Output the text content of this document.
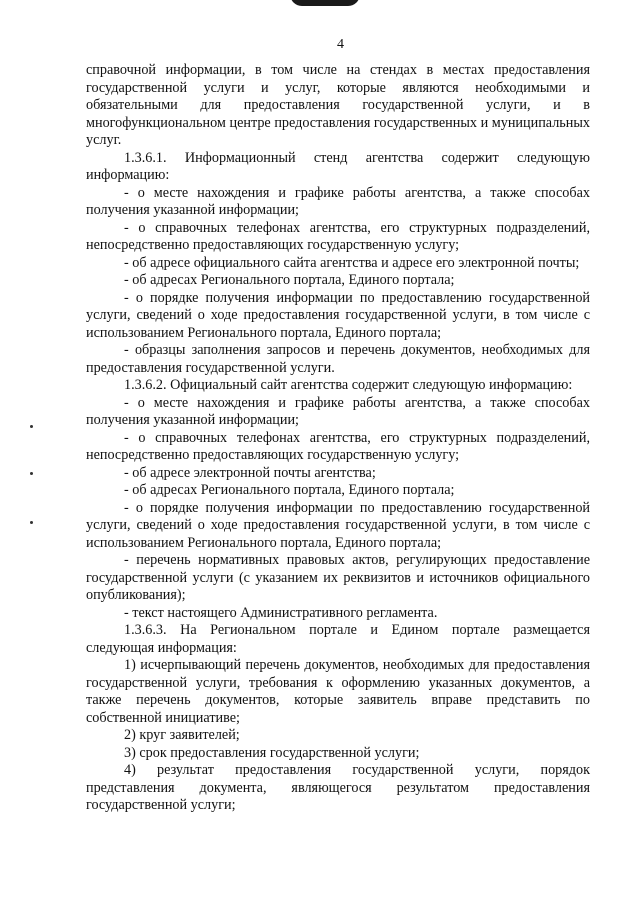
4

справочной информации, в том числе на стендах в местах предоставления государственной услуги и услуг, которые являются необходимыми и обязательными для предоставления государственной услуги, и в многофункциональном центре предоставления государственных и муниципальных услуг.

1.3.6.1. Информационный стенд агентства содержит следующую информацию:

- о месте нахождения и графике работы агентства, а также способах получения указанной информации;

- о справочных телефонах агентства, его структурных подразделений, непосредственно предоставляющих государственную услугу;

- об адресе официального сайта агентства и адресе его электронной почты;

- об адресах Регионального портала, Единого портала;

- о порядке получения информации по предоставлению государственной услуги, сведений о ходе предоставления государственной услуги, в том числе с использованием Регионального портала, Единого портала;

- образцы заполнения запросов и перечень документов, необходимых для предоставления государственной услуги.

1.3.6.2. Официальный сайт агентства содержит следующую информацию:

- о месте нахождения и графике работы агентства, а также способах получения указанной информации;

- о справочных телефонах агентства, его структурных подразделений, непосредственно предоставляющих государственную услугу;

- об адресе электронной почты агентства;

- об адресах Регионального портала, Единого портала;

- о порядке получения информации по предоставлению государственной услуги, сведений о ходе предоставления государственной услуги, в том числе с использованием Регионального портала, Единого портала;

- перечень нормативных правовых актов, регулирующих предоставление государственной услуги (с указанием их реквизитов и источников официального опубликования);

- текст настоящего Административного регламента.

1.3.6.3. На Региональном портале и Едином портале размещается следующая информация:

1) исчерпывающий перечень документов, необходимых для предоставления государственной услуги, требования к оформлению указанных документов, а также перечень документов, которые заявитель вправе представить по собственной инициативе;

2) круг заявителей;

3) срок предоставления государственной услуги;

4) результат предоставления государственной услуги, порядок представления документа, являющегося результатом предоставления государственной услуги;
